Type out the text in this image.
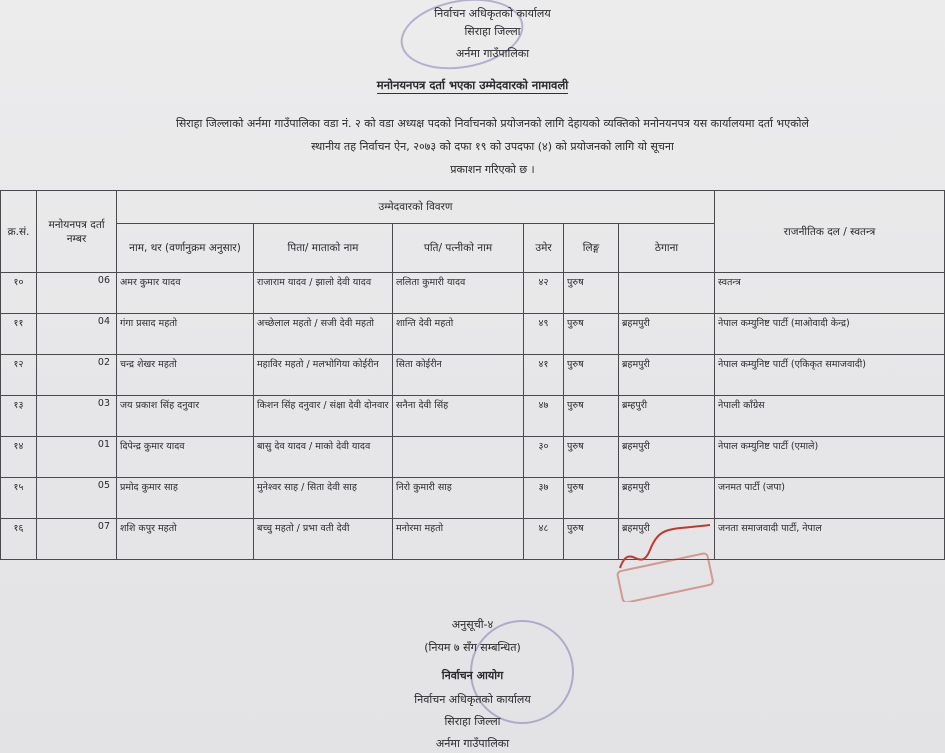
निर्वाचन अधिकृतको कार्यालय
सिराहा जिल्ला
अर्नमा गाउँपालिका
मनोनयनपत्र दर्ता भएका उम्मेदवारको नामावली
सिराहा जिल्लाको अर्नमा गाउँपालिका वडा नं. २ को वडा अध्यक्ष पदको निर्वाचनको प्रयोजनको लागि देहायको व्यक्तिको मनोनयनपत्र यस कार्यालयमा दर्ता भएकोले
स्थानीय तह निर्वाचन ऐन, २०७३ को दफा १९ को उपदफा (४) को प्रयोजनको लागि यो सूचना
प्रकाशन गरिएको छ ।
क्र.सं.	मनोयनपत्र दर्ता नम्बर	उम्मेदवारको विवरण						राजनीतिक दल / स्वतन्त्र
		नाम, थर (वर्णानुक्रम अनुसार)	पिता/ माताको नाम	पति/ पत्नीको नाम	उमेर	लिङ्ग	ठेगाना	
१०	06	अमर कुमार यादव	राजाराम यादव / झालो देवी यादव	ललिता कुमारी यादव	४२	पुरुष		स्वतन्त्र
११	04	गंगा प्रसाद महतो	अच्छेलाल महतो / सजी देवी महतो	शान्ति देवी महतो	४९	पुरुष	ब्रहमपुरी	नेपाल कम्युनिष्ट पार्टी (माओवादी केन्द्र)
१२	02	चन्द्र शेखर महतो	महाविर महतो / मलभोगिया कोईरीन	सिता कोईरीन	४१	पुरुष	ब्रहमपुरी	नेपाल कम्युनिष्ट पार्टी (एकिकृत समाजवादी)
१३	03	जय प्रकाश सिंह दनुवार	किशन सिंह दनुवार / संक्षा देवी दोनवार	सनैना देवी सिंह	४७	पुरुष	ब्रम्हपुरी	नेपाली काँग्रेस
१४	01	दिपेन्द्र कुमार यादव	बासु देव यादव / माको देवी यादव		३०	पुरुष	ब्रहमपुरी	नेपाल कम्युनिष्ट पार्टी (एमाले)
१५	05	प्रमोद कुमार साह	मुनेश्वर साह / सिता देवी साह	निरो कुमारी साह	३७	पुरुष	ब्रहमपुरी	जनमत पार्टी (जपा)
१६	07	शशि कपुर महतो	बच्चु महतो / प्रभा वती देवी	मनोरमा महतो	४८	पुरुष	ब्रहमपुरी	जनता समाजवादी पार्टी, नेपाल
अनुसूची-४
(नियम ७ सँग सम्बन्धित)
निर्वाचन आयोग
निर्वाचन अधिकृतको कार्यालय
सिराहा जिल्ला
अर्नमा गाउँपालिका
